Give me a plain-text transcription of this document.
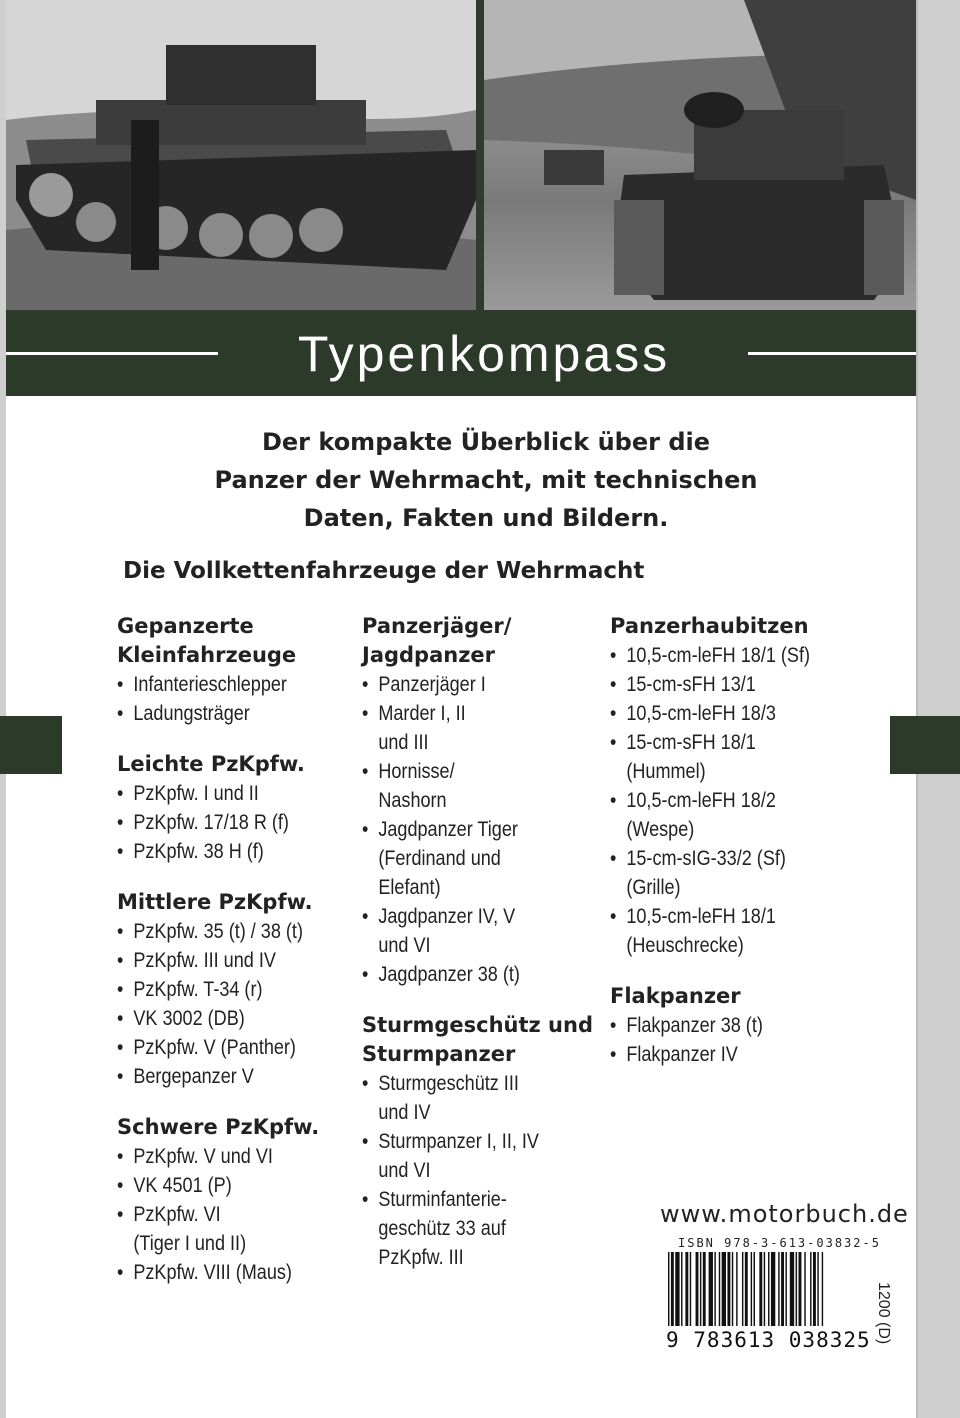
Typenkompass
Der kompakte Überblick über die
Panzer der Wehrmacht, mit technischen
Daten, Fakten und Bildern.
Die Vollkettenfahrzeuge der Wehrmacht
Gepanzerte
Kleinfahrzeuge
• Infanterieschlepper
• Ladungsträger
Leichte PzKpfw.
• PzKpfw. I und II
• PzKpfw. 17/18 R (f)
• PzKpfw. 38 H (f)
Mittlere PzKpfw.
• PzKpfw. 35 (t) / 38 (t)
• PzKpfw. III und IV
• PzKpfw. T-34 (r)
• VK 3002 (DB)
• PzKpfw. V (Panther)
• Bergepanzer V
Schwere PzKpfw.
• PzKpfw. V und VI
• VK 4501 (P)
• PzKpfw. VI
(Tiger I und II)
• PzKpfw. VIII (Maus)
Panzerjäger/
Jagdpanzer
• Panzerjäger I
• Marder I, II
und III
• Hornisse/
Nashorn
• Jagdpanzer Tiger
(Ferdinand und
Elefant)
• Jagdpanzer IV, V
und VI
• Jagdpanzer 38 (t)
Sturmgeschütz und
Sturmpanzer
• Sturmgeschütz III
und IV
• Sturmpanzer I, II, IV
und VI
• Sturminfanterie-
geschütz 33 auf
PzKpfw. III
Panzerhaubitzen
• 10,5-cm-leFH 18/1 (Sf)
• 15-cm-sFH 13/1
• 10,5-cm-leFH 18/3
• 15-cm-sFH 18/1
(Hummel)
• 10,5-cm-leFH 18/2
(Wespe)
• 15-cm-sIG-33/2 (Sf)
(Grille)
• 10,5-cm-leFH 18/1
(Heuschrecke)
Flakpanzer
• Flakpanzer 38 (t)
• Flakpanzer IV
www.motorbuch.de
ISBN 978-3-613-03832-5
9 783613 038325 1200 (D)
